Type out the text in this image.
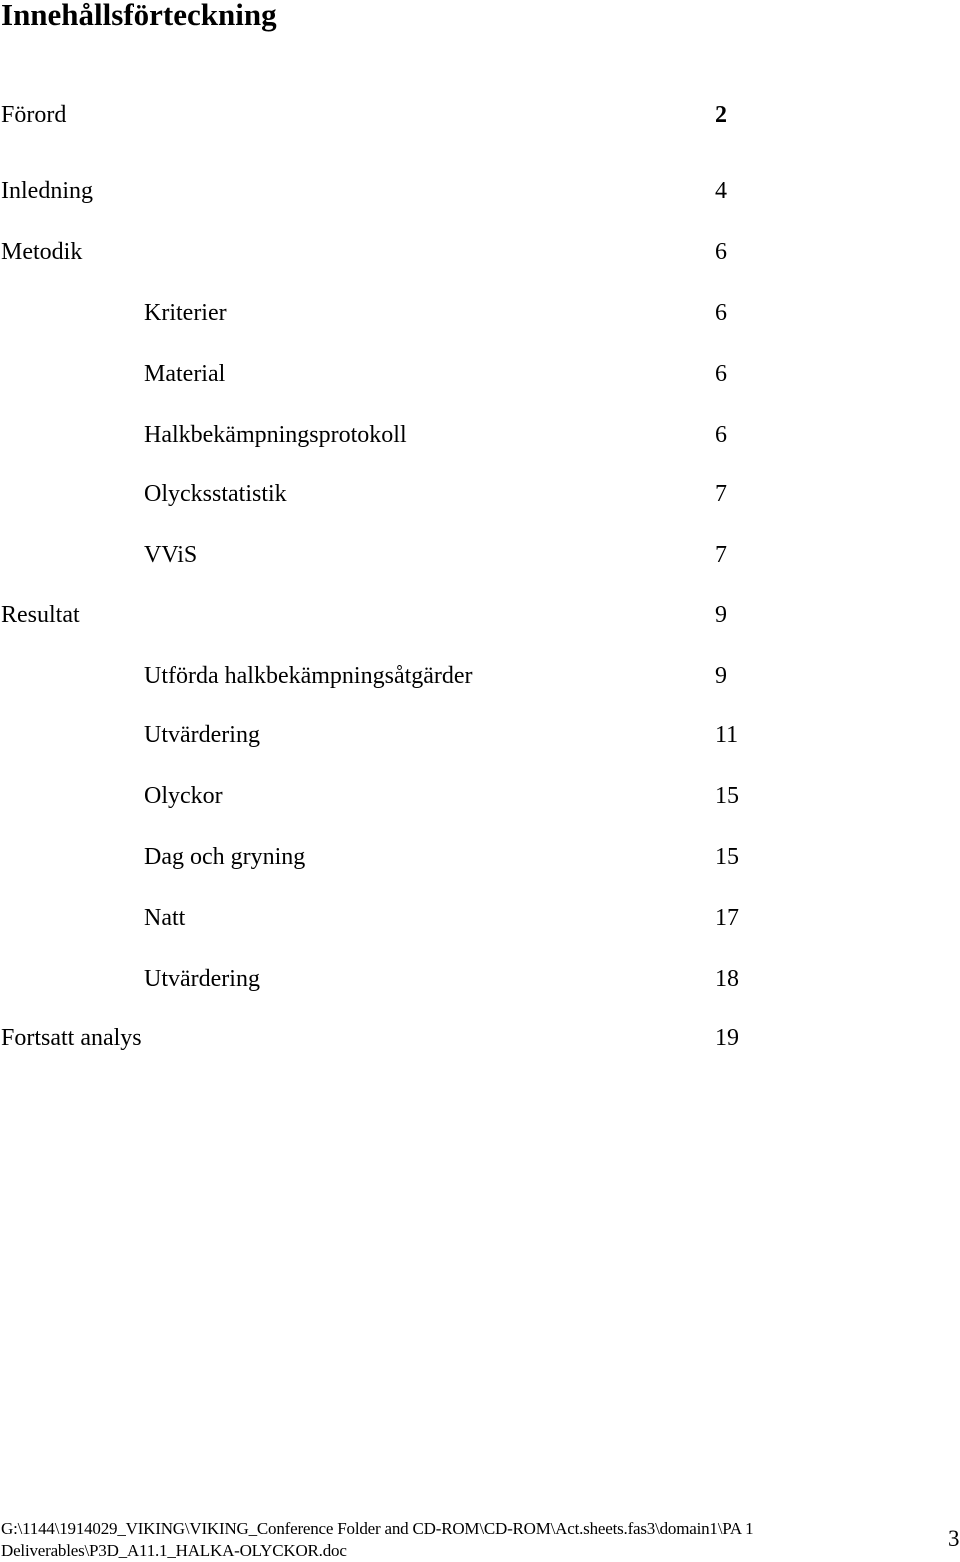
Innehållsförteckning
Förord	2
Inledning	4
Metodik	6
Kriterier	6
Material	6
Halkbekämpningsprotokoll	6
Olycksstatistik	7
VViS	7
Resultat	9
Utförda halkbekämpningsåtgärder	9
Utvärdering	11
Olyckor	15
Dag och gryning	15
Natt	17
Utvärdering	18
Fortsatt analys	19
G:\1144\1914029_VIKING\VIKING_Conference Folder and CD-ROM\CD-ROM\Act.sheets.fas3\domain1\PA 1
Deliverables\P3D_A11.1_HALKA-OLYCKOR.doc	3
